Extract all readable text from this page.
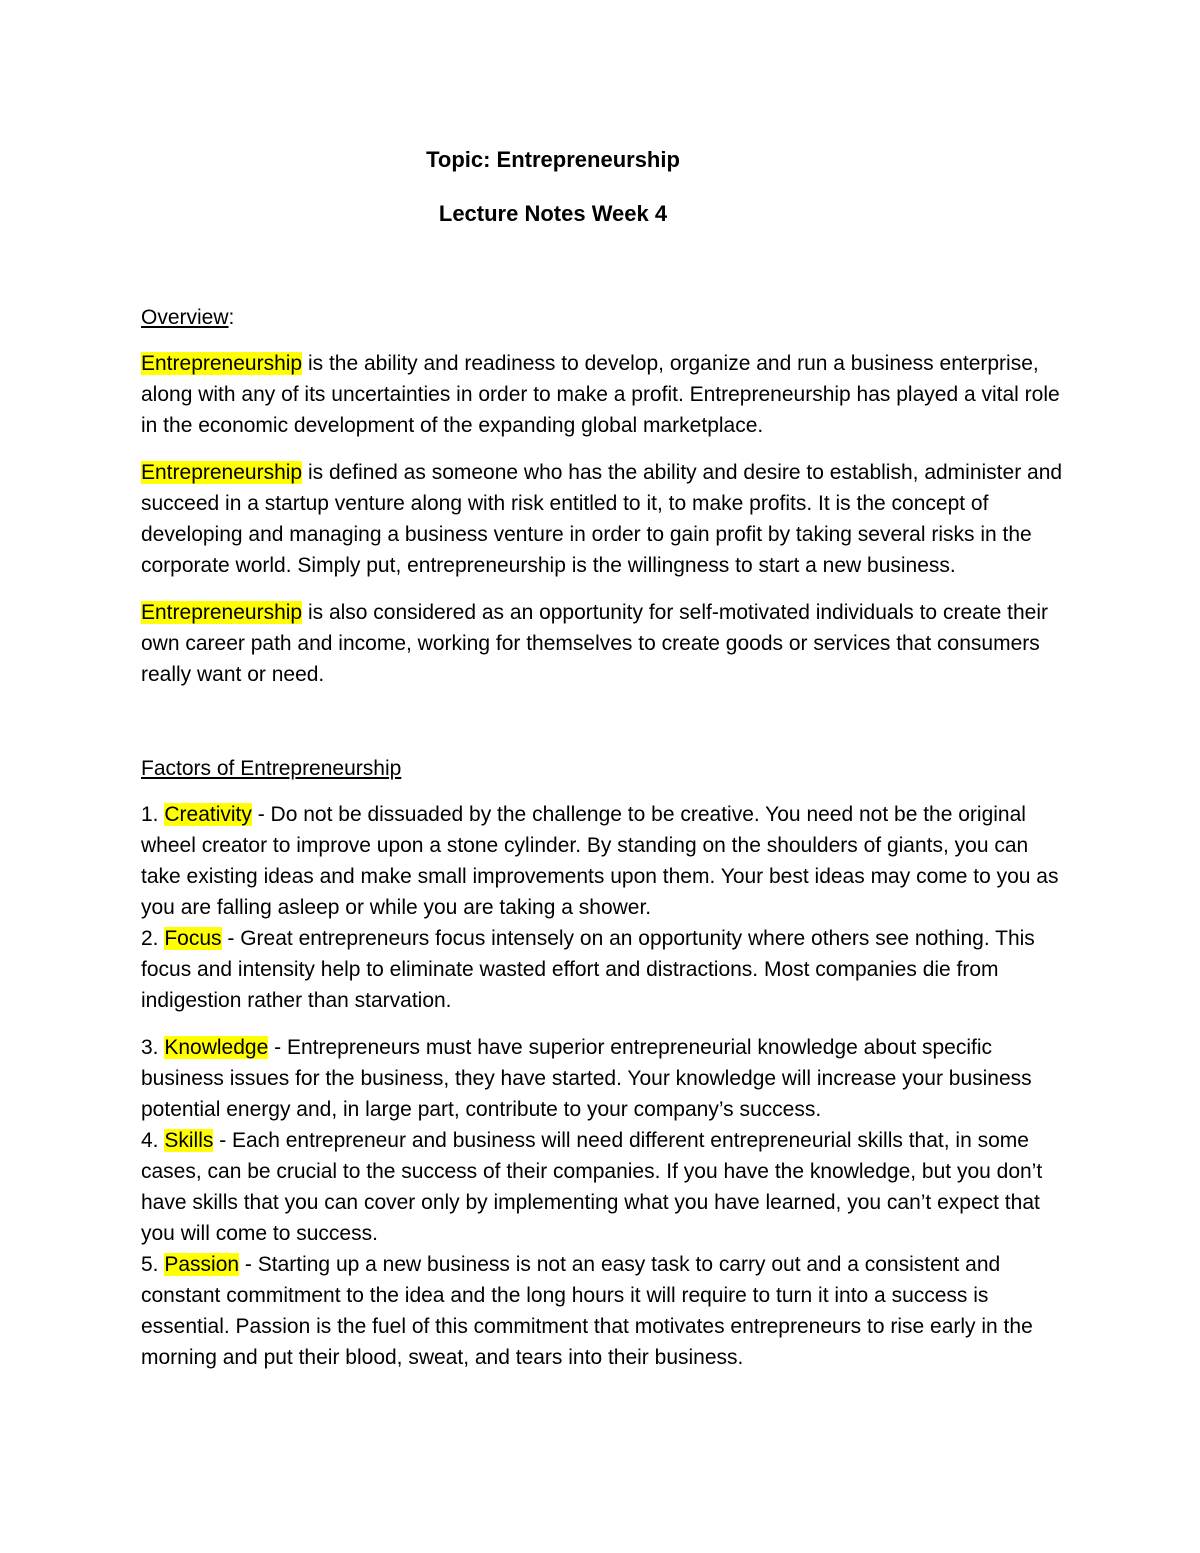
Topic: Entrepreneurship
Lecture Notes Week 4

Overview:

Entrepreneurship is the ability and readiness to develop, organize and run a business enterprise, along with any of its uncertainties in order to make a profit. Entrepreneurship has played a vital role in the economic development of the expanding global marketplace.

Entrepreneurship is defined as someone who has the ability and desire to establish, administer and succeed in a startup venture along with risk entitled to it, to make profits. It is the concept of developing and managing a business venture in order to gain profit by taking several risks in the corporate world. Simply put, entrepreneurship is the willingness to start a new business.

Entrepreneurship is also considered as an opportunity for self-motivated individuals to create their own career path and income, working for themselves to create goods or services that consumers really want or need.

Factors of Entrepreneurship

1. Creativity - Do not be dissuaded by the challenge to be creative. You need not be the original wheel creator to improve upon a stone cylinder. By standing on the shoulders of giants, you can take existing ideas and make small improvements upon them. Your best ideas may come to you as you are falling asleep or while you are taking a shower.
2. Focus - Great entrepreneurs focus intensely on an opportunity where others see nothing. This focus and intensity help to eliminate wasted effort and distractions. Most companies die from indigestion rather than starvation.

3. Knowledge - Entrepreneurs must have superior entrepreneurial knowledge about specific business issues for the business, they have started. Your knowledge will increase your business potential energy and, in large part, contribute to your company’s success.
4. Skills - Each entrepreneur and business will need different entrepreneurial skills that, in some cases, can be crucial to the success of their companies. If you have the knowledge, but you don’t have skills that you can cover only by implementing what you have learned, you can’t expect that you will come to success.
5. Passion - Starting up a new business is not an easy task to carry out and a consistent and constant commitment to the idea and the long hours it will require to turn it into a success is essential. Passion is the fuel of this commitment that motivates entrepreneurs to rise early in the morning and put their blood, sweat, and tears into their business.
